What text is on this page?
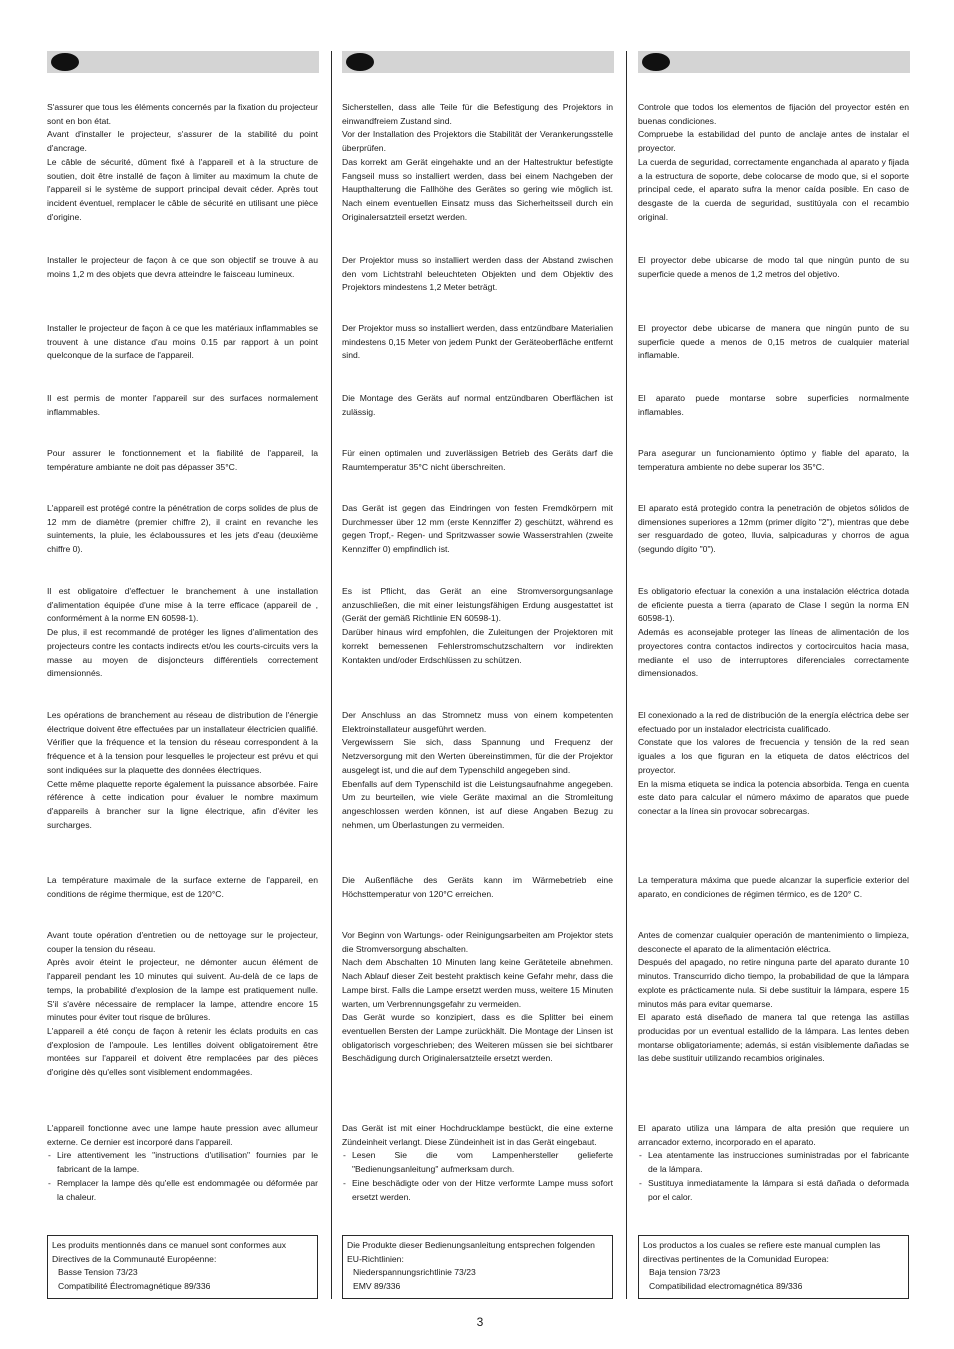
S'assurer que tous les éléments concernés par la fixation du projecteur sont en bon état.

Avant d'installer le projecteur, s'assurer de la stabilité du point d'ancrage.

Le câble de sécurité, dûment fixé à l'appareil et à la structure de soutien, doit être installé de façon à limiter au maximum la chute de l'appareil si le système de support principal devait céder. Après tout incident éventuel, remplacer le câble de sécurité en utilisant une pièce d'origine.

Installer le projecteur de façon à ce que son objectif se trouve à au moins 1,2 m des objets que devra atteindre le faisceau lumineux.

Installer le projecteur de façon à ce que les matériaux inflammables se trouvent à une distance d'au moins 0.15 par rapport à un point quelconque de la surface de l'appareil.

Il est permis de monter l'appareil sur des surfaces normalement inflammables.

Pour assurer le fonctionnement et la fiabilité de l'appareil, la température ambiante ne doit pas dépasser 35°C.

L'appareil est protégé contre la pénétration de corps solides de plus de 12 mm de diamètre (premier chiffre 2), il craint en revanche les suintements, la pluie, les éclaboussures et les jets d'eau (deuxième chiffre 0).

Il est obligatoire d'effectuer le branchement à une installation d'alimentation équipée d'une mise à la terre efficace (appareil de , conformément à la norme EN 60598-1).

De plus, il est recommandé de protéger les lignes d'alimentation des projecteurs contre les contacts indirects et/ou les courts-circuits vers la masse au moyen de disjoncteurs différentiels correctement dimensionnés.

Les opérations de branchement au réseau de distribution de l'énergie électrique doivent être effectuées par un installateur électricien qualifié. Vérifier que la fréquence et la tension du réseau correspondent à la fréquence et à la tension pour lesquelles le projecteur est prévu et qui sont indiquées sur la plaquette des données électriques.

Cette même plaquette reporte également la puissance absorbée. Faire référence à cette indication pour évaluer le nombre maximum d'appareils à brancher sur la ligne électrique, afin d'éviter les surcharges.

La température maximale de la surface externe de l'appareil, en conditions de régime thermique, est de 120°C.

Avant toute opération d'entretien ou de nettoyage sur le projecteur, couper la tension du réseau.

Après avoir éteint le projecteur, ne démonter aucun élément de l'appareil pendant les 10 minutes qui suivent. Au-delà de ce laps de temps, la probabilité d'explosion de la lampe est pratiquement nulle. S'il s'avère nécessaire de remplacer la lampe, attendre encore 15 minutes pour éviter tout risque de brûlures.

L'appareil a été conçu de façon à retenir les éclats produits en cas d'explosion de l'ampoule. Les lentilles doivent obligatoirement être montées sur l'appareil et doivent être remplacées par des pièces d'origine dès qu'elles sont visiblement endommagées.

L'appareil fonctionne avec une lampe haute pression avec allumeur externe. Ce dernier est incorporé dans l'appareil.

- Lire attentivement les "instructions d'utilisation" fournies par le fabricant de la lampe.
- Remplacer la lampe dès qu'elle est endommagée ou déformée par la chaleur.

Les produits mentionnés dans ce manuel sont conformes aux Directives de la Communauté Européenne:

Basse Tension 73/23

Compatibilité Électromagnétique 89/336

Sicherstellen, dass alle Teile für die Befestigung des Projektors in einwandfreiem Zustand sind.

Vor der Installation des Projektors die Stabilität der Verankerungsstelle überprüfen.

Das korrekt am Gerät eingehakte und an der Haltestruktur befestigte Fangseil muss so installiert werden, dass bei einem Nachgeben der Haupthalterung die Fallhöhe des Gerätes so gering wie möglich ist. Nach einem eventuellen Einsatz muss das Sicherheitsseil durch ein Originalersatzteil ersetzt werden.

Der Projektor muss so installiert werden dass der Abstand zwischen den vom Lichtstrahl beleuchteten Objekten und dem Objektiv des Projektors mindestens 1,2 Meter beträgt.

Der Projektor muss so installiert werden, dass entzündbare Materialien mindestens 0,15 Meter von jedem Punkt der Geräteoberfläche entfernt sind.

Die Montage des Geräts auf normal entzündbaren Oberflächen ist zulässig.

Für einen optimalen und zuverlässigen Betrieb des Geräts darf die Raumtemperatur 35°C nicht überschreiten.

Das Gerät ist gegen das Eindringen von festen Fremdkörpern mit Durchmesser über 12 mm (erste Kennziffer 2) geschützt, während es gegen Tropf,- Regen- und Spritzwasser sowie Wasserstrahlen (zweite Kennziffer 0) empfindlich ist.

Es ist Pflicht, das Gerät an eine Stromversorgungsanlage anzuschließen, die mit einer leistungsfähigen Erdung ausgestattet ist (Gerät der gemäß Richtlinie EN 60598-1).

Darüber hinaus wird empfohlen, die Zuleitungen der Projektoren mit korrekt bemessenen Fehlerstromschutzschaltern vor indirekten Kontakten und/oder Erdschlüssen zu schützen.

Der Anschluss an das Stromnetz muss von einem kompetenten Elektroinstallateur ausgeführt werden.

Vergewissern Sie sich, dass Spannung und Frequenz der Netzversorgung mit den Werten übereinstimmen, für die der Projektor ausgelegt ist, und die auf dem Typenschild angegeben sind.

Ebenfalls auf dem Typenschild ist die Leistungsaufnahme angegeben. Um zu beurteilen, wie viele Geräte maximal an die Stromleitung angeschlossen werden können, ist auf diese Angaben Bezug zu nehmen, um Überlastungen zu vermeiden.

Die Außenfläche des Geräts kann im Wärmebetrieb eine Höchsttemperatur von 120°C erreichen.

Vor Beginn von Wartungs- oder Reinigungsarbeiten am Projektor stets die Stromversorgung abschalten.

Nach dem Abschalten 10 Minuten lang keine Geräteteile abnehmen. Nach Ablauf dieser Zeit besteht praktisch keine Gefahr mehr, dass die Lampe birst. Falls die Lampe ersetzt werden muss, weitere 15 Minuten warten, um Verbrennungsgefahr zu vermeiden.

Das Gerät wurde so konzipiert, dass es die Splitter bei einem eventuellen Bersten der Lampe zurückhält. Die Montage der Linsen ist obligatorisch vorgeschrieben; des Weiteren müssen sie bei sichtbarer Beschädigung durch Originalersatzteile ersetzt werden.

Das Gerät ist mit einer Hochdrucklampe bestückt, die eine externe Zündeinheit verlangt. Diese Zündeinheit ist in das Gerät eingebaut.

- Lesen Sie die vom Lampenhersteller gelieferte "Bedienungsanleitung" aufmerksam durch.
- Eine beschädigte oder von der Hitze verformte Lampe muss sofort ersetzt werden.

Die Produkte dieser Bedienungsanleitung entsprechen folgenden EU-Richtlinien:

Niederspannungsrichtlinie 73/23

EMV 89/336

Controle que todos los elementos de fijación del proyector estén en buenas condiciones.

Compruebe la estabilidad del punto de anclaje antes de instalar el proyector.

La cuerda de seguridad, correctamente enganchada al aparato y fijada a la estructura de soporte, debe colocarse de modo que, si el soporte principal cede, el aparato sufra la menor caída posible. En caso de desgaste de la cuerda de seguridad, sustitúyala con el recambio original.

El proyector debe ubicarse de modo tal que ningún punto de su superficie quede a menos de 1,2 metros del objetivo.

El proyector debe ubicarse de manera que ningún punto de su superficie quede a menos de 0,15 metros de cualquier material inflamable.

El aparato puede montarse sobre superficies normalmente inflamables.

Para asegurar un funcionamiento óptimo y fiable del aparato, la temperatura ambiente no debe superar los 35°C.

El aparato está protegido contra la penetración de objetos sólidos de dimensiones superiores a 12mm (primer dígito "2"), mientras que debe ser resguardado de goteo, lluvia, salpicaduras y chorros de agua (segundo dígito "0").

Es obligatorio efectuar la conexión a una instalación eléctrica dotada de eficiente puesta a tierra (aparato de Clase I según la norma EN 60598-1).

Además es aconsejable proteger las líneas de alimentación de los proyectores contra contactos indirectos y cortocircuitos hacia masa, mediante el uso de interruptores diferenciales correctamente dimensionados.

El conexionado a la red de distribución de la energía eléctrica debe ser efectuado por un instalador electricista cualificado.

Constate que los valores de frecuencia y tensión de la red sean iguales a los que figuran en la etiqueta de datos eléctricos del proyector.

En la misma etiqueta se indica la potencia absorbida. Tenga en cuenta este dato para calcular el número máximo de aparatos que puede conectar a la línea sin provocar sobrecargas.

La temperatura máxima que puede alcanzar la superficie exterior del aparato, en condiciones de régimen térmico, es de 120° C.

Antes de comenzar cualquier operación de mantenimiento o limpieza, desconecte el aparato de la alimentación eléctrica.

Después del apagado, no retire ninguna parte del aparato durante 10 minutos. Transcurrido dicho tiempo, la probabilidad de que la lámpara explote es prácticamente nula. Si debe sustituir la lámpara, espere 15 minutos más para evitar quemarse.

El aparato está diseñado de manera tal que retenga las astillas producidas por un eventual estallido de la lámpara. Las lentes deben montarse obligatoriamente; además, si están visiblemente dañadas se las debe sustituir utilizando recambios originales.

El aparato utiliza una lámpara de alta presión que requiere un arrancador externo, incorporado en el aparato.

- Lea atentamente las instrucciones suministradas por el fabricante de la lámpara.
- Sustituya inmediatamente la lámpara si está dañada o deformada por el calor.

Los productos a los cuales se refiere este manual cumplen las directivas pertinentes de la Comunidad Europea:

Baja tension 73/23

Compatibilidad electromagnética 89/336

3
